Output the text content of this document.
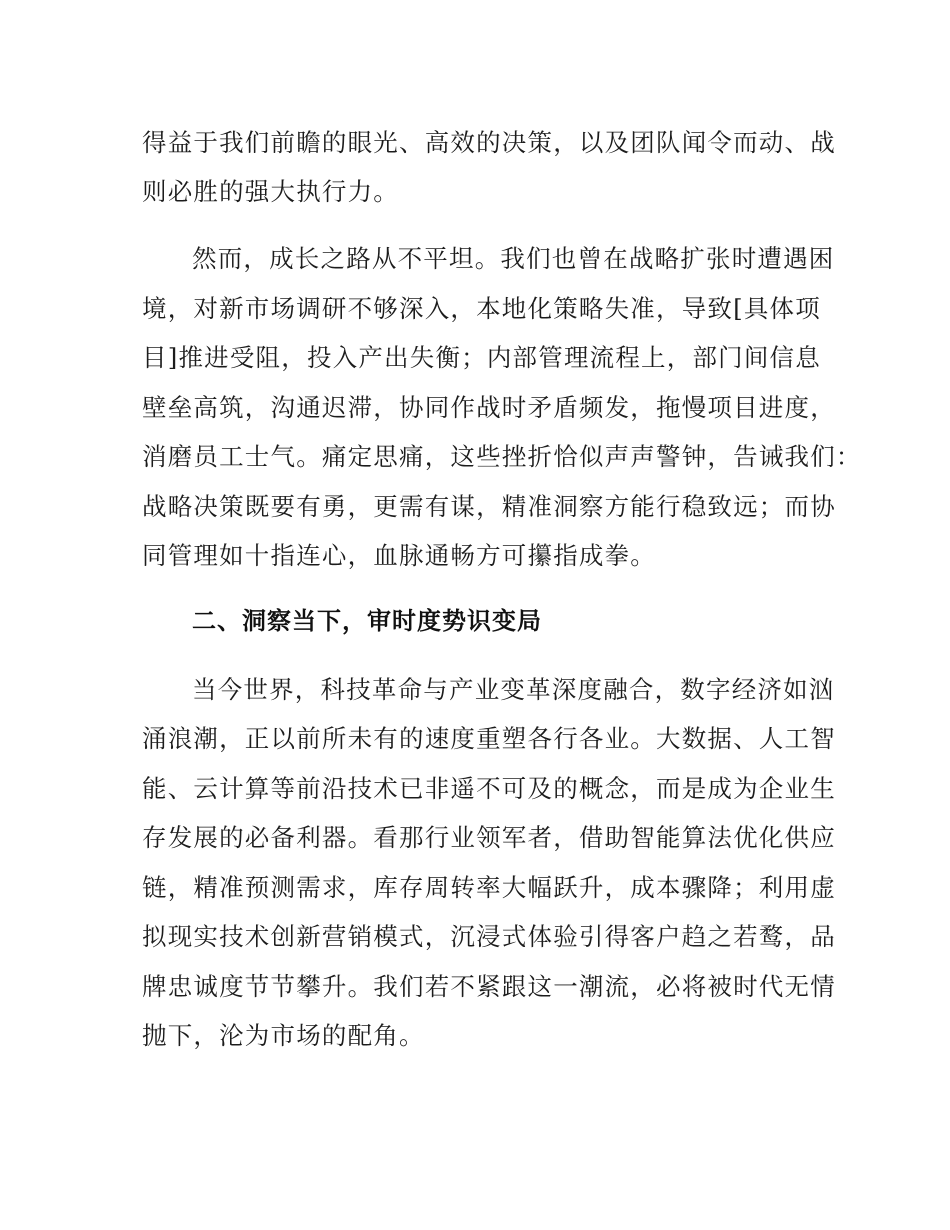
得益于我们前瞻的眼光、高效的决策，以及团队闻令而动、战
则必胜的强大执行力。
然而，成长之路从不平坦。我们也曾在战略扩张时遭遇困
境，对新市场调研不够深入，本地化策略失准，导致[具体项
目]推进受阻，投入产出失衡；内部管理流程上，部门间信息
壁垒高筑，沟通迟滞，协同作战时矛盾频发，拖慢项目进度，
消磨员工士气。痛定思痛，这些挫折恰似声声警钟，告诫我们：
战略决策既要有勇，更需有谋，精准洞察方能行稳致远；而协
同管理如十指连心，血脉通畅方可攥指成拳。
二、洞察当下，审时度势识变局
当今世界，科技革命与产业变革深度融合，数字经济如汹
涌浪潮，正以前所未有的速度重塑各行各业。大数据、人工智
能、云计算等前沿技术已非遥不可及的概念，而是成为企业生
存发展的必备利器。看那行业领军者，借助智能算法优化供应
链，精准预测需求，库存周转率大幅跃升，成本骤降；利用虚
拟现实技术创新营销模式，沉浸式体验引得客户趋之若鹜，品
牌忠诚度节节攀升。我们若不紧跟这一潮流，必将被时代无情
抛下，沦为市场的配角。
